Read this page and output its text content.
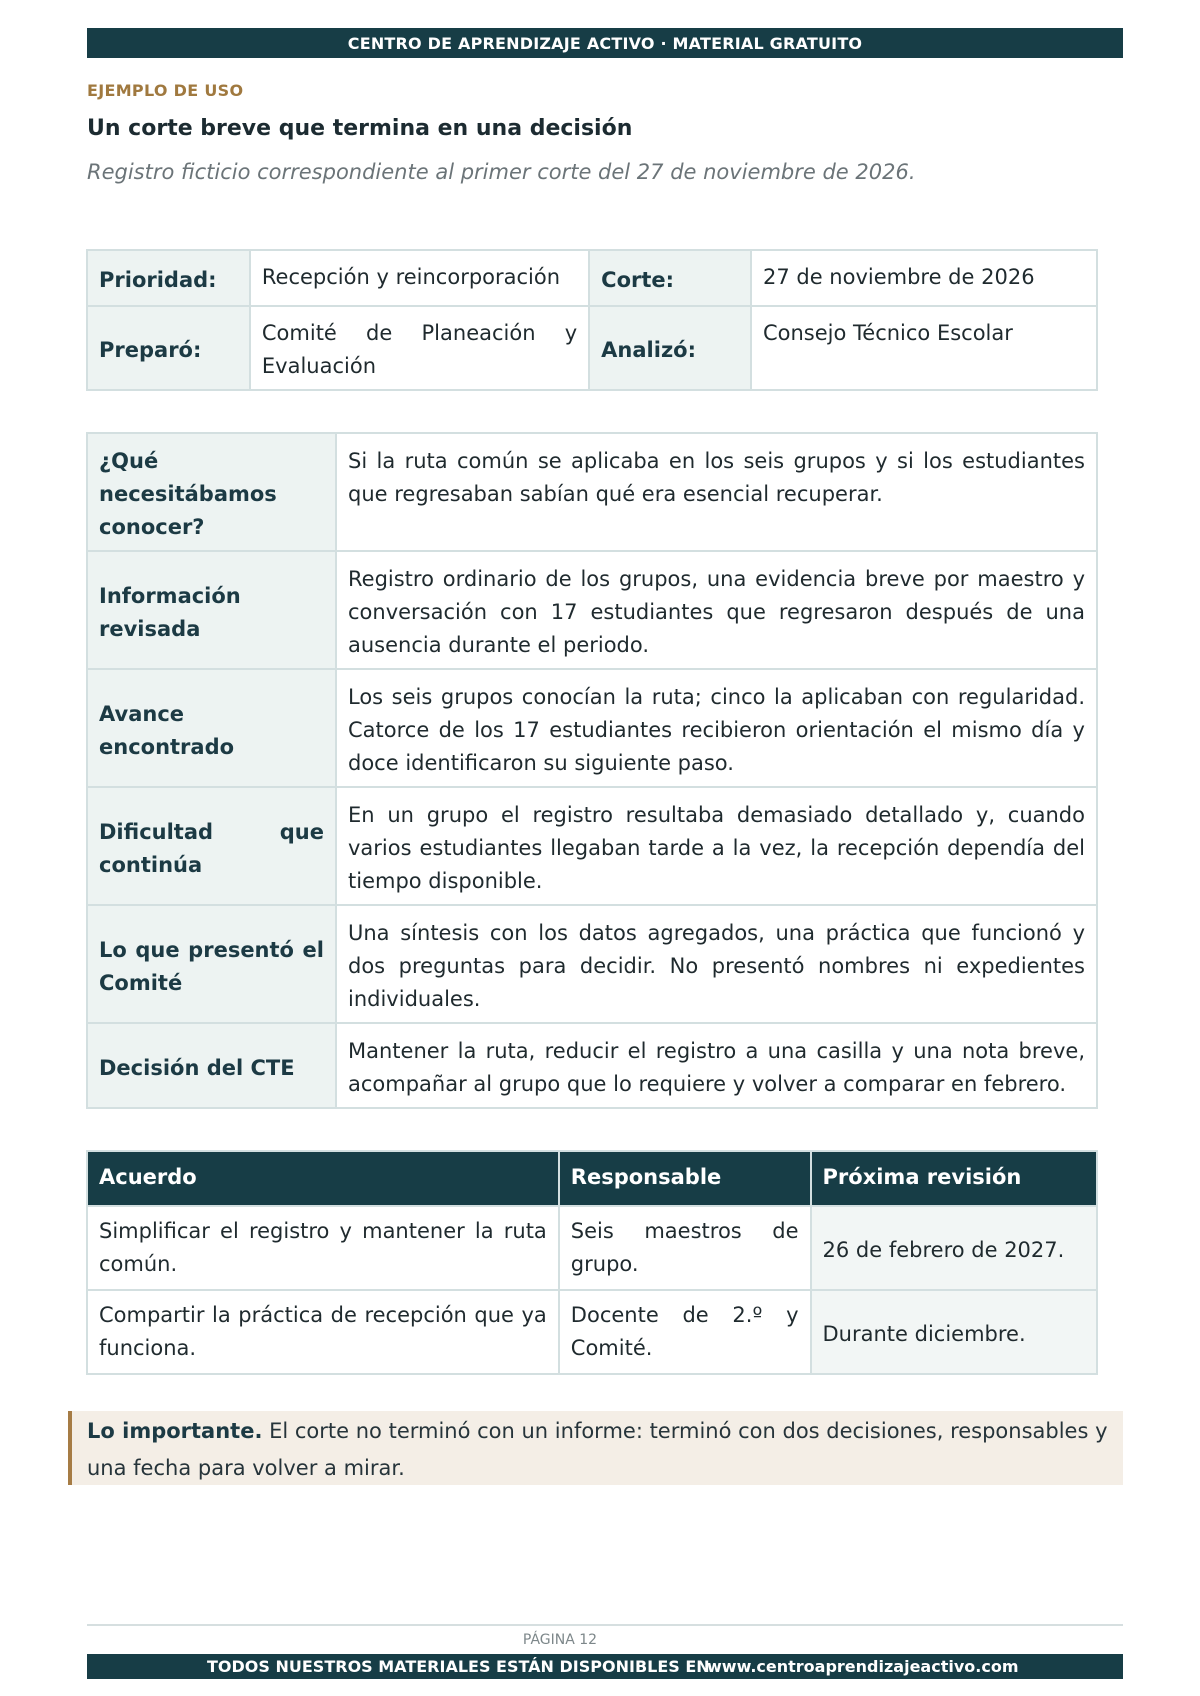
CENTRO DE APRENDIZAJE ACTIVO · MATERIAL GRATUITO
EJEMPLO DE USO
Un corte breve que termina en una decisión
Registro ficticio correspondiente al primer corte del 27 de noviembre de 2026.
Prioridad:	Recepción y reincorporación	Corte:	27 de noviembre de 2026
Preparó:	Comité de Planeación y Evaluación	Analizó:	Consejo Técnico Escolar
¿Qué necesitábamos conocer?	Si la ruta común se aplicaba en los seis grupos y si los estudiantes que regresaban sabían qué era esencial recuperar.
Información revisada	Registro ordinario de los grupos, una evidencia breve por maestro y conversación con 17 estudiantes que regresaron después de una ausencia durante el periodo.
Avance encontrado	Los seis grupos conocían la ruta; cinco la aplicaban con regularidad. Catorce de los 17 estudiantes recibieron orientación el mismo día y doce identificaron su siguiente paso.
Dificultad que continúa	En un grupo el registro resultaba demasiado detallado y, cuando varios estudiantes llegaban tarde a la vez, la recepción dependía del tiempo disponible.
Lo que presentó el Comité	Una síntesis con los datos agregados, una práctica que funcionó y dos preguntas para decidir. No presentó nombres ni expedientes individuales.
Decisión del CTE	Mantener la ruta, reducir el registro a una casilla y una nota breve, acompañar al grupo que lo requiere y volver a comparar en febrero.
Acuerdo	Responsable	Próxima revisión
Simplificar el registro y mantener la ruta común.	Seis maestros de grupo.	26 de febrero de 2027.
Compartir la práctica de recepción que ya funciona.	Docente de 2.º y Comité.	Durante diciembre.
Lo importante. El corte no terminó con un informe: terminó con dos decisiones, responsables y una fecha para volver a mirar.
PÁGINA 12
TODOS NUESTROS MATERIALES ESTÁN DISPONIBLES EN
www.centroaprendizajeactivo.com
